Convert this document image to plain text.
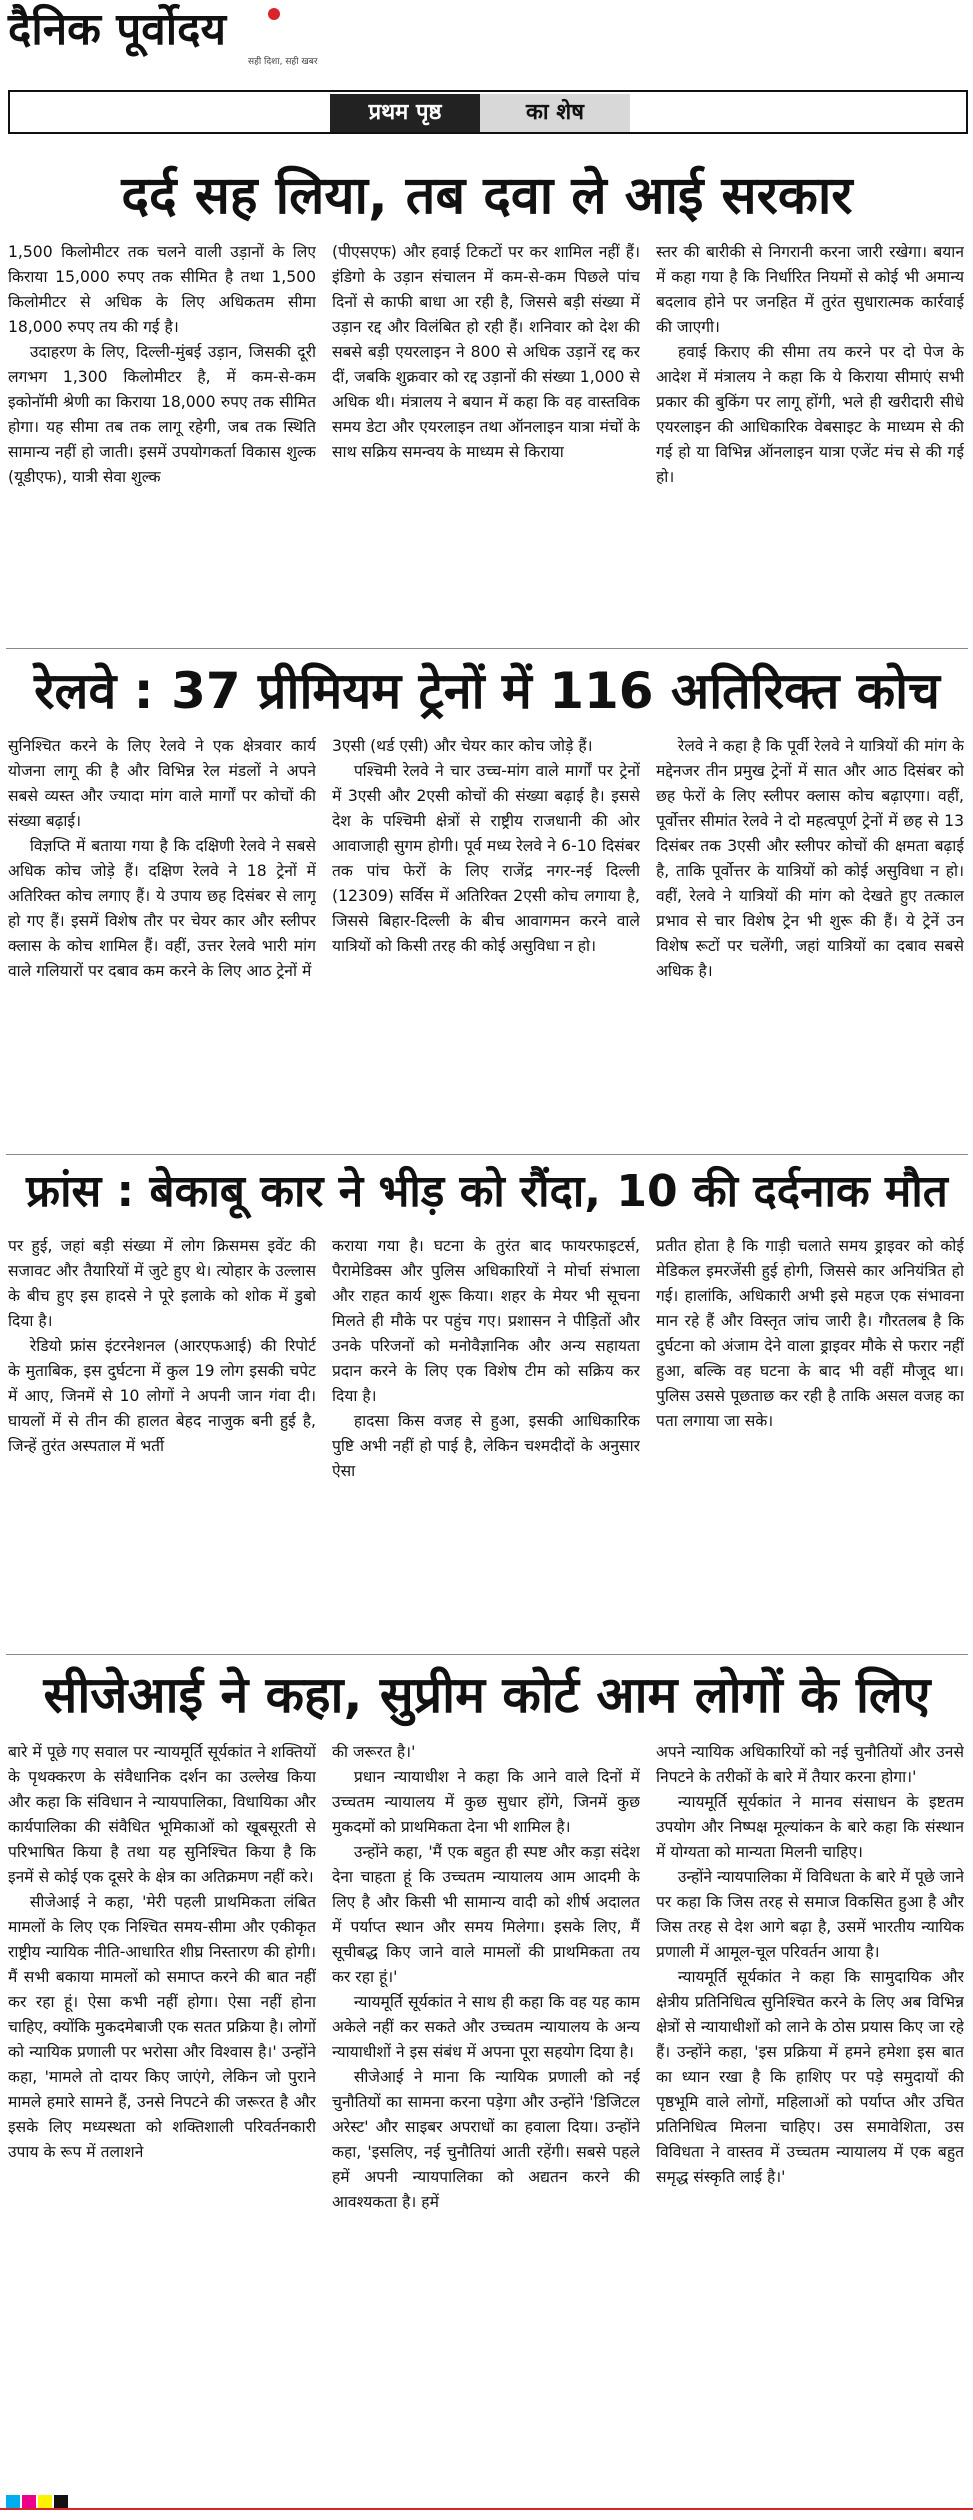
दैनिक पूर्वोदय
सही दिशा, सही खबर
प्रथम पृष्ठ	का शेष
दर्द सह लिया, तब दवा ले आई सरकार

1,500 किलोमीटर तक चलने वाली उड़ानों के लिए किराया 15,000 रुपए तक सीमित है तथा 1,500 किलोमीटर से अधिक के लिए अधिकतम सीमा 18,000 रुपए तय की गई है।

उदाहरण के लिए, दिल्ली-मुंबई उड़ान, जिसकी दूरी लगभग 1,300 किलोमीटर है, में कम-से-कम इकोनॉमी श्रेणी का किराया 18,000 रुपए तक सीमित होगा। यह सीमा तब तक लागू रहेगी, जब तक स्थिति सामान्य नहीं हो जाती। इसमें उपयोगकर्ता विकास शुल्क (यूडीएफ), यात्री सेवा शुल्क

(पीएसएफ) और हवाई टिकटों पर कर शामिल नहीं हैं। इंडिगो के उड़ान संचालन में कम-से-कम पिछले पांच दिनों से काफी बाधा आ रही है, जिससे बड़ी संख्या में उड़ान रद्द और विलंबित हो रही हैं। शनिवार को देश की सबसे बड़ी एयरलाइन ने 800 से अधिक उड़ानें रद्द कर दीं, जबकि शुक्रवार को रद्द उड़ानों की संख्या 1,000 से अधिक थी। मंत्रालय ने बयान में कहा कि वह वास्तविक समय डेटा और एयरलाइन तथा ऑनलाइन यात्रा मंचों के साथ सक्रिय समन्वय के माध्यम से किराया

स्तर की बारीकी से निगरानी करना जारी रखेगा। बयान में कहा गया है कि निर्धारित नियमों से कोई भी अमान्य बदलाव होने पर जनहित में तुरंत सुधारात्मक कार्रवाई की जाएगी।

हवाई किराए की सीमा तय करने पर दो पेज के आदेश में मंत्रालय ने कहा कि ये किराया सीमाएं सभी प्रकार की बुकिंग पर लागू होंगी, भले ही खरीदारी सीधे एयरलाइन की आधिकारिक वेबसाइट के माध्यम से की गई हो या विभिन्न ऑनलाइन यात्रा एजेंट मंच से की गई हो।

रेलवे : 37 प्रीमियम ट्रेनों में 116 अतिरिक्त कोच

सुनिश्चित करने के लिए रेलवे ने एक क्षेत्रवार कार्य योजना लागू की है और विभिन्न रेल मंडलों ने अपने सबसे व्यस्त और ज्यादा मांग वाले मार्गों पर कोचों की संख्या बढ़ाई।

विज्ञप्ति में बताया गया है कि दक्षिणी रेलवे ने सबसे अधिक कोच जोड़े हैं। दक्षिण रेलवे ने 18 ट्रेनों में अतिरिक्त कोच लगाए हैं। ये उपाय छह दिसंबर से लागू हो गए हैं। इसमें विशेष तौर पर चेयर कार और स्लीपर क्लास के कोच शामिल हैं। वहीं, उत्तर रेलवे भारी मांग वाले गलियारों पर दबाव कम करने के लिए आठ ट्रेनों में

3एसी (थर्ड एसी) और चेयर कार कोच जोड़े हैं।

पश्चिमी रेलवे ने चार उच्च-मांग वाले मार्गों पर ट्रेनों में 3एसी और 2एसी कोचों की संख्या बढ़ाई है। इससे देश के पश्चिमी क्षेत्रों से राष्ट्रीय राजधानी की ओर आवाजाही सुगम होगी। पूर्व मध्य रेलवे ने 6-10 दिसंबर तक पांच फेरों के लिए राजेंद्र नगर-नई दिल्ली (12309) सर्विस में अतिरिक्त 2एसी कोच लगाया है, जिससे बिहार-दिल्ली के बीच आवागमन करने वाले यात्रियों को किसी तरह की कोई असुविधा न हो।

रेलवे ने कहा है कि पूर्वी रेलवे ने यात्रियों की मांग के मद्देनजर तीन प्रमुख ट्रेनों में सात और आठ दिसंबर को छह फेरों के लिए स्लीपर क्लास कोच बढ़ाएगा। वहीं, पूर्वोत्तर सीमांत रेलवे ने दो महत्वपूर्ण ट्रेनों में छह से 13 दिसंबर तक 3एसी और स्लीपर कोचों की क्षमता बढ़ाई है, ताकि पूर्वोत्तर के यात्रियों को कोई असुविधा न हो। वहीं, रेलवे ने यात्रियों की मांग को देखते हुए तत्काल प्रभाव से चार विशेष ट्रेन भी शुरू की हैं। ये ट्रेनें उन विशेष रूटों पर चलेंगी, जहां यात्रियों का दबाव सबसे अधिक है।

फ्रांस : बेकाबू कार ने भीड़ को रौंदा, 10 की दर्दनाक मौत

पर हुई, जहां बड़ी संख्या में लोग क्रिसमस इवेंट की सजावट और तैयारियों में जुटे हुए थे। त्योहार के उल्लास के बीच हुए इस हादसे ने पूरे इलाके को शोक में डुबो दिया है।

रेडियो फ्रांस इंटरनेशनल (आरएफआई) की रिपोर्ट के मुताबिक, इस दुर्घटना में कुल 19 लोग इसकी चपेट में आए, जिनमें से 10 लोगों ने अपनी जान गंवा दी। घायलों में से तीन की हालत बेहद नाजुक बनी हुई है, जिन्हें तुरंत अस्पताल में भर्ती

कराया गया है। घटना के तुरंत बाद फायरफाइटर्स, पैरामेडिक्स और पुलिस अधिकारियों ने मोर्चा संभाला और राहत कार्य शुरू किया। शहर के मेयर भी सूचना मिलते ही मौके पर पहुंच गए। प्रशासन ने पीड़ितों और उनके परिजनों को मनोवैज्ञानिक और अन्य सहायता प्रदान करने के लिए एक विशेष टीम को सक्रिय कर दिया है।

हादसा किस वजह से हुआ, इसकी आधिकारिक पुष्टि अभी नहीं हो पाई है, लेकिन चश्मदीदों के अनुसार ऐसा

प्रतीत होता है कि गाड़ी चलाते समय ड्राइवर को कोई मेडिकल इमरजेंसी हुई होगी, जिससे कार अनियंत्रित हो गई। हालांकि, अधिकारी अभी इसे महज एक संभावना मान रहे हैं और विस्तृत जांच जारी है। गौरतलब है कि दुर्घटना को अंजाम देने वाला ड्राइवर मौके से फरार नहीं हुआ, बल्कि वह घटना के बाद भी वहीं मौजूद था। पुलिस उससे पूछताछ कर रही है ताकि असल वजह का पता लगाया जा सके।

सीजेआई ने कहा, सुप्रीम कोर्ट आम लोगों के लिए

बारे में पूछे गए सवाल पर न्यायमूर्ति सूर्यकांत ने शक्तियों के पृथक्करण के संवैधानिक दर्शन का उल्लेख किया और कहा कि संविधान ने न्यायपालिका, विधायिका और कार्यपालिका की संवैधित भूमिकाओं को खूबसूरती से परिभाषित किया है तथा यह सुनिश्चित किया है कि इनमें से कोई एक दूसरे के क्षेत्र का अतिक्रमण नहीं करे।

सीजेआई ने कहा, 'मेरी पहली प्राथमिकता लंबित मामलों के लिए एक निश्चित समय-सीमा और एकीकृत राष्ट्रीय न्यायिक नीति-आधारित शीघ्र निस्तारण की होगी। मैं सभी बकाया मामलों को समाप्त करने की बात नहीं कर रहा हूं। ऐसा कभी नहीं होगा। ऐसा नहीं होना चाहिए, क्योंकि मुकदमेबाजी एक सतत प्रक्रिया है। लोगों को न्यायिक प्रणाली पर भरोसा और विश्वास है।' उन्होंने कहा, 'मामले तो दायर किए जाएंगे, लेकिन जो पुराने मामले हमारे सामने हैं, उनसे निपटने की जरूरत है और इसके लिए मध्यस्थता को शक्तिशाली परिवर्तनकारी उपाय के रूप में तलाशने

की जरूरत है।'

प्रधान न्यायाधीश ने कहा कि आने वाले दिनों में उच्चतम न्यायालय में कुछ सुधार होंगे, जिनमें कुछ मुकदमों को प्राथमिकता देना भी शामिल है।

उन्होंने कहा, 'मैं एक बहुत ही स्पष्ट और कड़ा संदेश देना चाहता हूं कि उच्चतम न्यायालय आम आदमी के लिए है और किसी भी सामान्य वादी को शीर्ष अदालत में पर्याप्त स्थान और समय मिलेगा। इसके लिए, मैं सूचीबद्ध किए जाने वाले मामलों की प्राथमिकता तय कर रहा हूं।'

न्यायमूर्ति सूर्यकांत ने साथ ही कहा कि वह यह काम अकेले नहीं कर सकते और उच्चतम न्यायालय के अन्य न्यायाधीशों ने इस संबंध में अपना पूरा सहयोग दिया है।

सीजेआई ने माना कि न्यायिक प्रणाली को नई चुनौतियों का सामना करना पड़ेगा और उन्होंने 'डिजिटल अरेस्ट' और साइबर अपराधों का हवाला दिया। उन्होंने कहा, 'इसलिए, नई चुनौतियां आती रहेंगी। सबसे पहले हमें अपनी न्यायपालिका को अद्यतन करने की आवश्यकता है। हमें

अपने न्यायिक अधिकारियों को नई चुनौतियों और उनसे निपटने के तरीकों के बारे में तैयार करना होगा।'

न्यायमूर्ति सूर्यकांत ने मानव संसाधन के इष्टतम उपयोग और निष्पक्ष मूल्यांकन के बारे कहा कि संस्थान में योग्यता को मान्यता मिलनी चाहिए।

उन्होंने न्यायपालिका में विविधता के बारे में पूछे जाने पर कहा कि जिस तरह से समाज विकसित हुआ है और जिस तरह से देश आगे बढ़ा है, उसमें भारतीय न्यायिक प्रणाली में आमूल-चूल परिवर्तन आया है।

न्यायमूर्ति सूर्यकांत ने कहा कि सामुदायिक और क्षेत्रीय प्रतिनिधित्व सुनिश्चित करने के लिए अब विभिन्न क्षेत्रों से न्यायाधीशों को लाने के ठोस प्रयास किए जा रहे हैं। उन्होंने कहा, 'इस प्रक्रिया में हमने हमेशा इस बात का ध्यान रखा है कि हाशिए पर पड़े समुदायों की पृष्ठभूमि वाले लोगों, महिलाओं को पर्याप्त और उचित प्रतिनिधित्व मिलना चाहिए। उस समावेशिता, उस विविधता ने वास्तव में उच्चतम न्यायालय में एक बहुत समृद्ध संस्कृति लाई है।'
